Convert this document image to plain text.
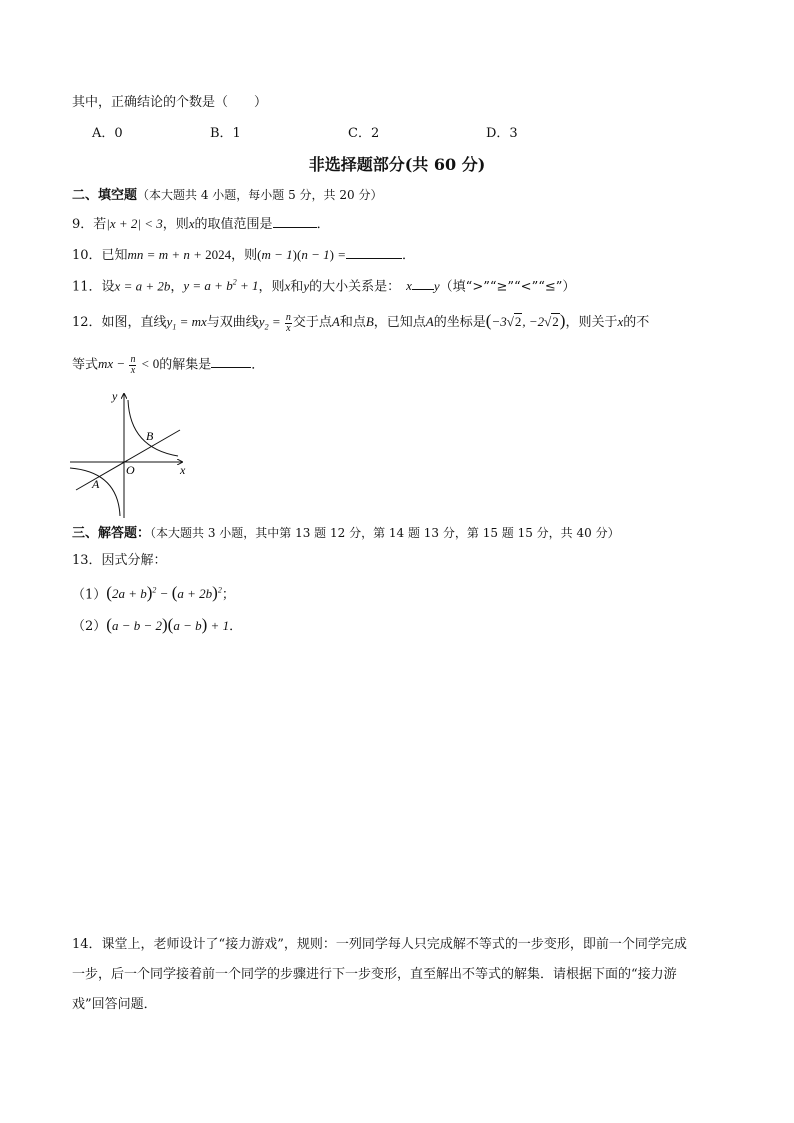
其中，正确结论的个数是（　　）
A．0	B．1	C．2	D．3
非选择题部分(共 60 分)
二、填空题（本大题共 4 小题，每小题 5 分，共 20 分）
9．若|x + 2| < 3，则x的取值范围是	．
10．已知mn = m + n + 2024，则(m − 1)(n − 1) =	．
11．设x = a + 2b，$y = a + b^2 + 1$，则x和y的大小关系是： x y（填“>”“≥”“<”“≤”）
12．如图，直线$y_1$ = mx与双曲线$y_2 = \frac{n}{x}$ 交于点A和点B，已知点A的坐标是(−3√2, −2√2)，则关于x的不
等式mx − $\frac{n}{x} < 0$的解集是	．
y
x
O
A
B
三、解答题：（本大题共 3 小题，其中第 13 题 12 分，第 14 题 13 分，第 15 题 15 分，共 40 分）
13．因式分解：
$(1)(2a + b)^2 - (a + 2b)^2$；
（2）(a − b − 2)(a − b) + 1．
14．课堂上，老师设计了“接力游戏”，规则：一列同学每人只完成解不等式的一步变形，即前一个同学完成
一步，后一个同学接着前一个同学的步骤进行下一步变形，直至解出不等式的解集．请根据下面的“接力游
戏”回答问题．
